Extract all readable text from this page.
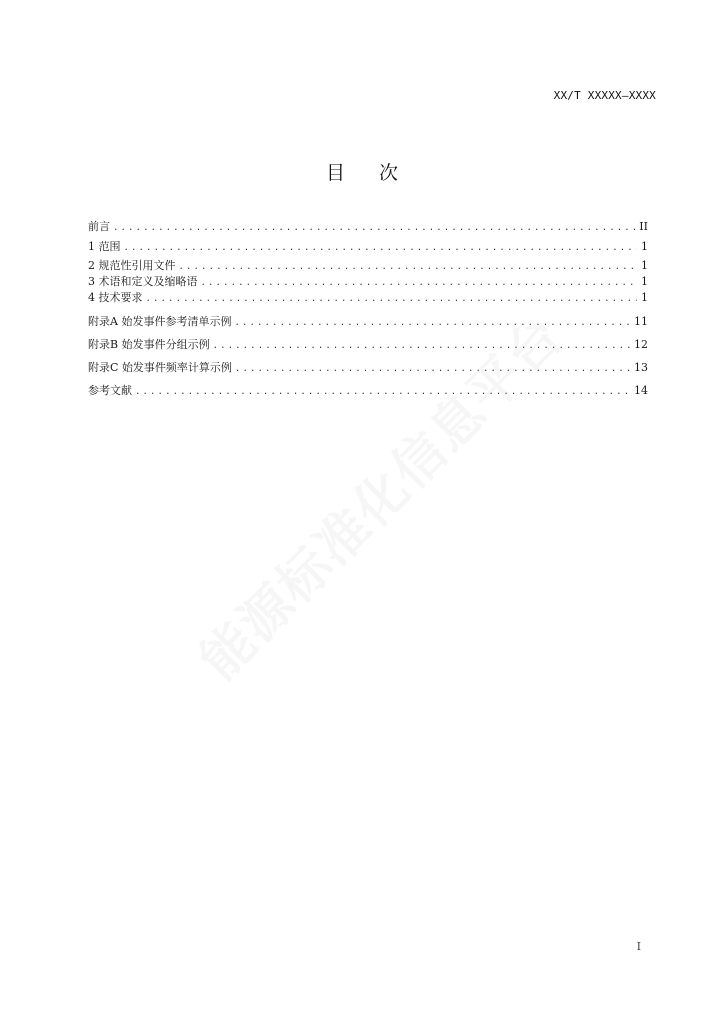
XX/T XXXXX—XXXX
目 次
前言 .....	II
1 范围 .....	1
2 规范性引用文件 .....	1
3 术语和定义及缩略语 .....	1
4 技术要求 .....	1
附录A 始发事件参考清单示例 .....	11
附录B 始发事件分组示例 .....	12
附录C 始发事件频率计算示例 .....	13
参考文献 .....	14
能源标准化信息平台
I
